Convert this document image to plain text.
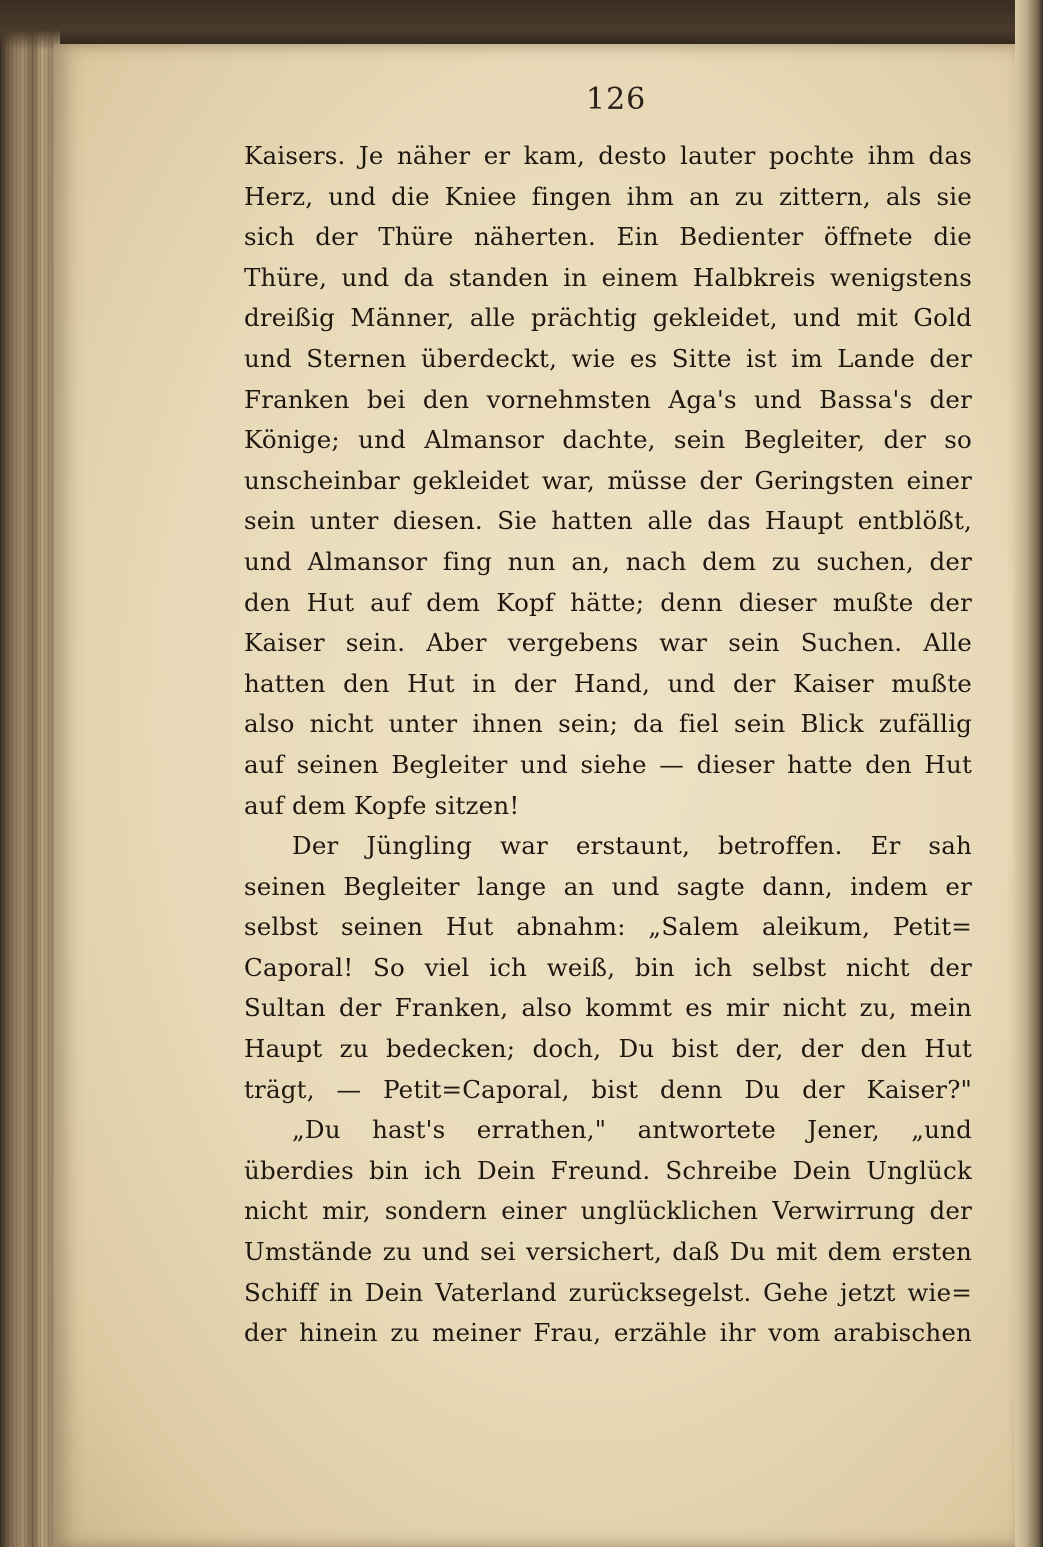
126
Kaisers. Je näher er kam, desto lauter pochte ihm das
Herz, und die Kniee fingen ihm an zu zittern, als sie
sich der Thüre näherten. Ein Bedienter öffnete die
Thüre, und da standen in einem Halbkreis wenigstens
dreißig Männer, alle prächtig gekleidet, und mit Gold
und Sternen überdeckt, wie es Sitte ist im Lande der
Franken bei den vornehmsten Aga's und Bassa's der
Könige; und Almansor dachte, sein Begleiter, der so
unscheinbar gekleidet war, müsse der Geringsten einer
sein unter diesen. Sie hatten alle das Haupt entblößt,
und Almansor fing nun an, nach dem zu suchen, der
den Hut auf dem Kopf hätte; denn dieser mußte der
Kaiser sein. Aber vergebens war sein Suchen. Alle
hatten den Hut in der Hand, und der Kaiser mußte
also nicht unter ihnen sein; da fiel sein Blick zufällig
auf seinen Begleiter und siehe — dieser hatte den Hut
auf dem Kopfe sitzen!
Der Jüngling war erstaunt, betroffen. Er sah
seinen Begleiter lange an und sagte dann, indem er
selbst seinen Hut abnahm: „Salem aleikum, Petit=
Caporal! So viel ich weiß, bin ich selbst nicht der
Sultan der Franken, also kommt es mir nicht zu, mein
Haupt zu bedecken; doch, Du bist der, der den Hut
trägt, — Petit=Caporal, bist denn Du der Kaiser?"
„Du hast's errathen," antwortete Jener, „und
überdies bin ich Dein Freund. Schreibe Dein Unglück
nicht mir, sondern einer unglücklichen Verwirrung der
Umstände zu und sei versichert, daß Du mit dem ersten
Schiff in Dein Vaterland zurücksegelst. Gehe jetzt wie=
der hinein zu meiner Frau, erzähle ihr vom arabischen
